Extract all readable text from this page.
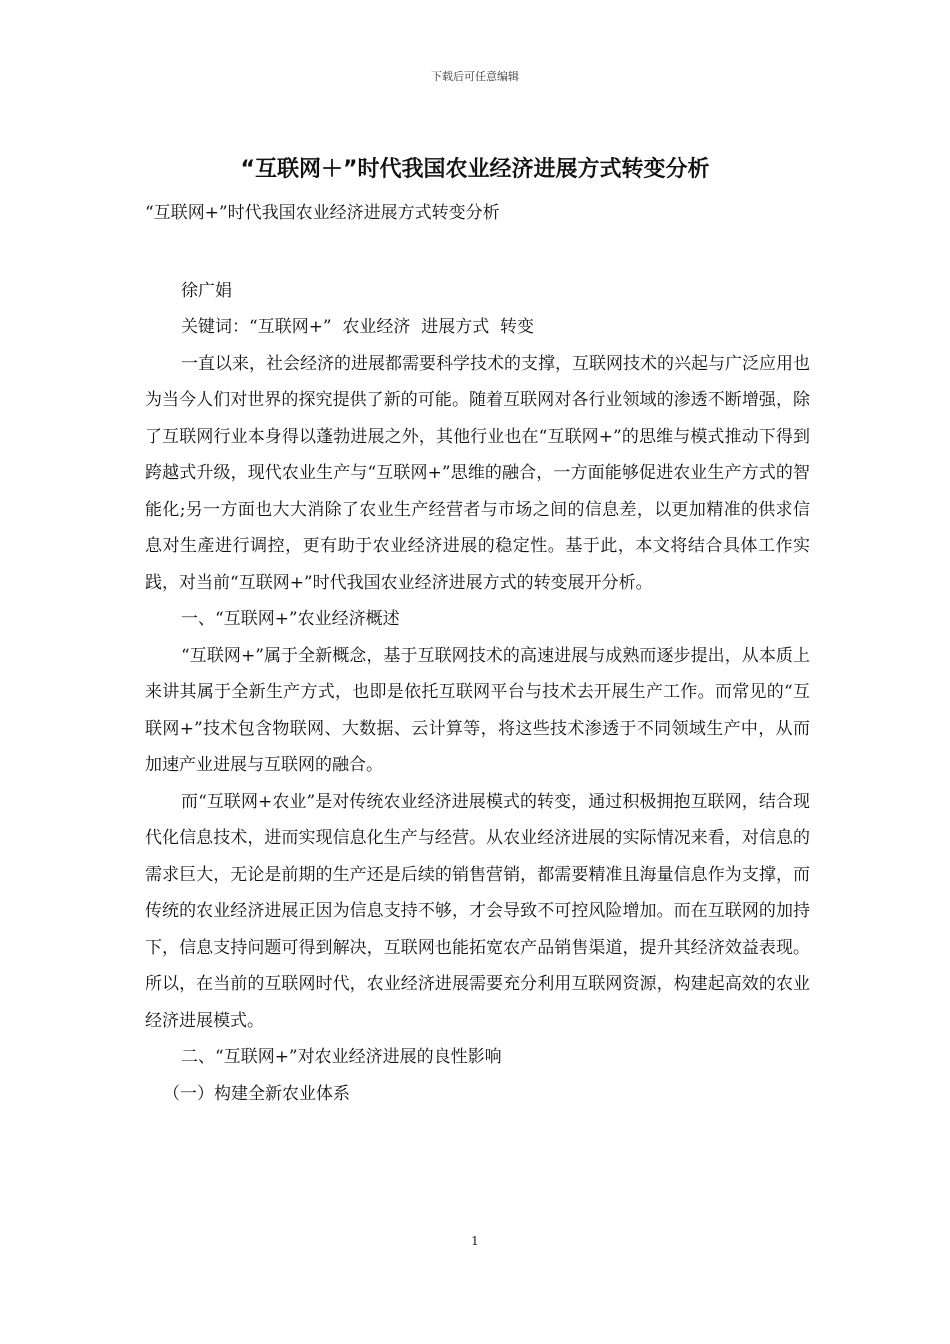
下载后可任意编辑
“互联网＋”时代我国农业经济进展方式转变分析

“互联网+”时代我国农业经济进展方式转变分析

徐广娟

关键词：“互联网+”  农业经济  进展方式  转变

一直以来，社会经济的进展都需要科学技术的支撑，互联网技术的兴起与广泛应用也为当今人们对世界的探究提供了新的可能。随着互联网对各行业领域的渗透不断增强，除了互联网行业本身得以蓬勃进展之外，其他行业也在“互联网+”的思维与模式推动下得到跨越式升级，现代农业生产与“互联网+”思维的融合，一方面能够促进农业生产方式的智能化;另一方面也大大消除了农业生产经营者与市场之间的信息差，以更加精准的供求信息对生產进行调控，更有助于农业经济进展的稳定性。基于此，本文将结合具体工作实践，对当前“互联网+”时代我国农业经济进展方式的转变展开分析。

一、“互联网+”农业经济概述

“互联网+”属于全新概念，基于互联网技术的高速进展与成熟而逐步提出，从本质上来讲其属于全新生产方式，也即是依托互联网平台与技术去开展生产工作。而常见的“互联网+”技术包含物联网、大数据、云计算等，将这些技术渗透于不同领域生产中，从而加速产业进展与互联网的融合。

而“互联网+农业”是对传统农业经济进展模式的转变，通过积极拥抱互联网，结合现代化信息技术，进而实现信息化生产与经营。从农业经济进展的实际情况来看，对信息的需求巨大，无论是前期的生产还是后续的销售营销，都需要精准且海量信息作为支撑，而传统的农业经济进展正因为信息支持不够，才会导致不可控风险增加。而在互联网的加持下，信息支持问题可得到解决，互联网也能拓宽农产品销售渠道，提升其经济效益表现。所以，在当前的互联网时代，农业经济进展需要充分利用互联网资源，构建起高效的农业经济进展模式。

二、“互联网+”对农业经济进展的良性影响

（一）构建全新农业体系

1
